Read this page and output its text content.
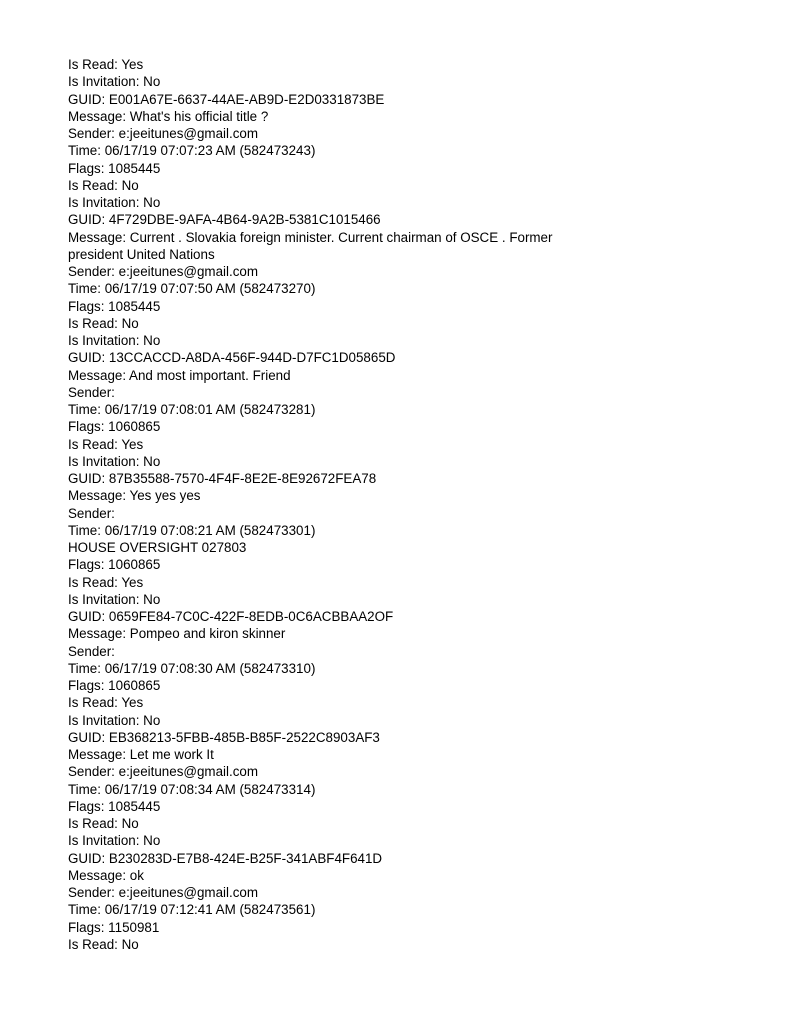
Is Read: Yes
Is Invitation: No
GUID: E001A67E-6637-44AE-AB9D-E2D0331873BE
Message: What's his official title ?
Sender: e:jeeitunes@gmail.com
Time: 06/17/19 07:07:23 AM (582473243)
Flags: 1085445
Is Read: No
Is Invitation: No
GUID: 4F729DBE-9AFA-4B64-9A2B-5381C1015466
Message: Current . Slovakia foreign minister. Current chairman of OSCE . Former
president United Nations
Sender: e:jeeitunes@gmail.com
Time: 06/17/19 07:07:50 AM (582473270)
Flags: 1085445
Is Read: No
Is Invitation: No
GUID: 13CCACCD-A8DA-456F-944D-D7FC1D05865D
Message: And most important. Friend
Sender:
Time: 06/17/19 07:08:01 AM (582473281)
Flags: 1060865
Is Read: Yes
Is Invitation: No
GUID: 87B35588-7570-4F4F-8E2E-8E92672FEA78
Message: Yes yes yes
Sender:
Time: 06/17/19 07:08:21 AM (582473301)
HOUSE OVERSIGHT 027803
Flags: 1060865
Is Read: Yes
Is Invitation: No
GUID: 0659FE84-7C0C-422F-8EDB-0C6ACBBAA2OF
Message: Pompeo and kiron skinner
Sender:
Time: 06/17/19 07:08:30 AM (582473310)
Flags: 1060865
Is Read: Yes
Is Invitation: No
GUID: EB368213-5FBB-485B-B85F-2522C8903AF3
Message: Let me work It
Sender: e:jeeitunes@gmail.com
Time: 06/17/19 07:08:34 AM (582473314)
Flags: 1085445
Is Read: No
Is Invitation: No
GUID: B230283D-E7B8-424E-B25F-341ABF4F641D
Message: ok
Sender: e:jeeitunes@gmail.com
Time: 06/17/19 07:12:41 AM (582473561)
Flags: 1150981
Is Read: No
